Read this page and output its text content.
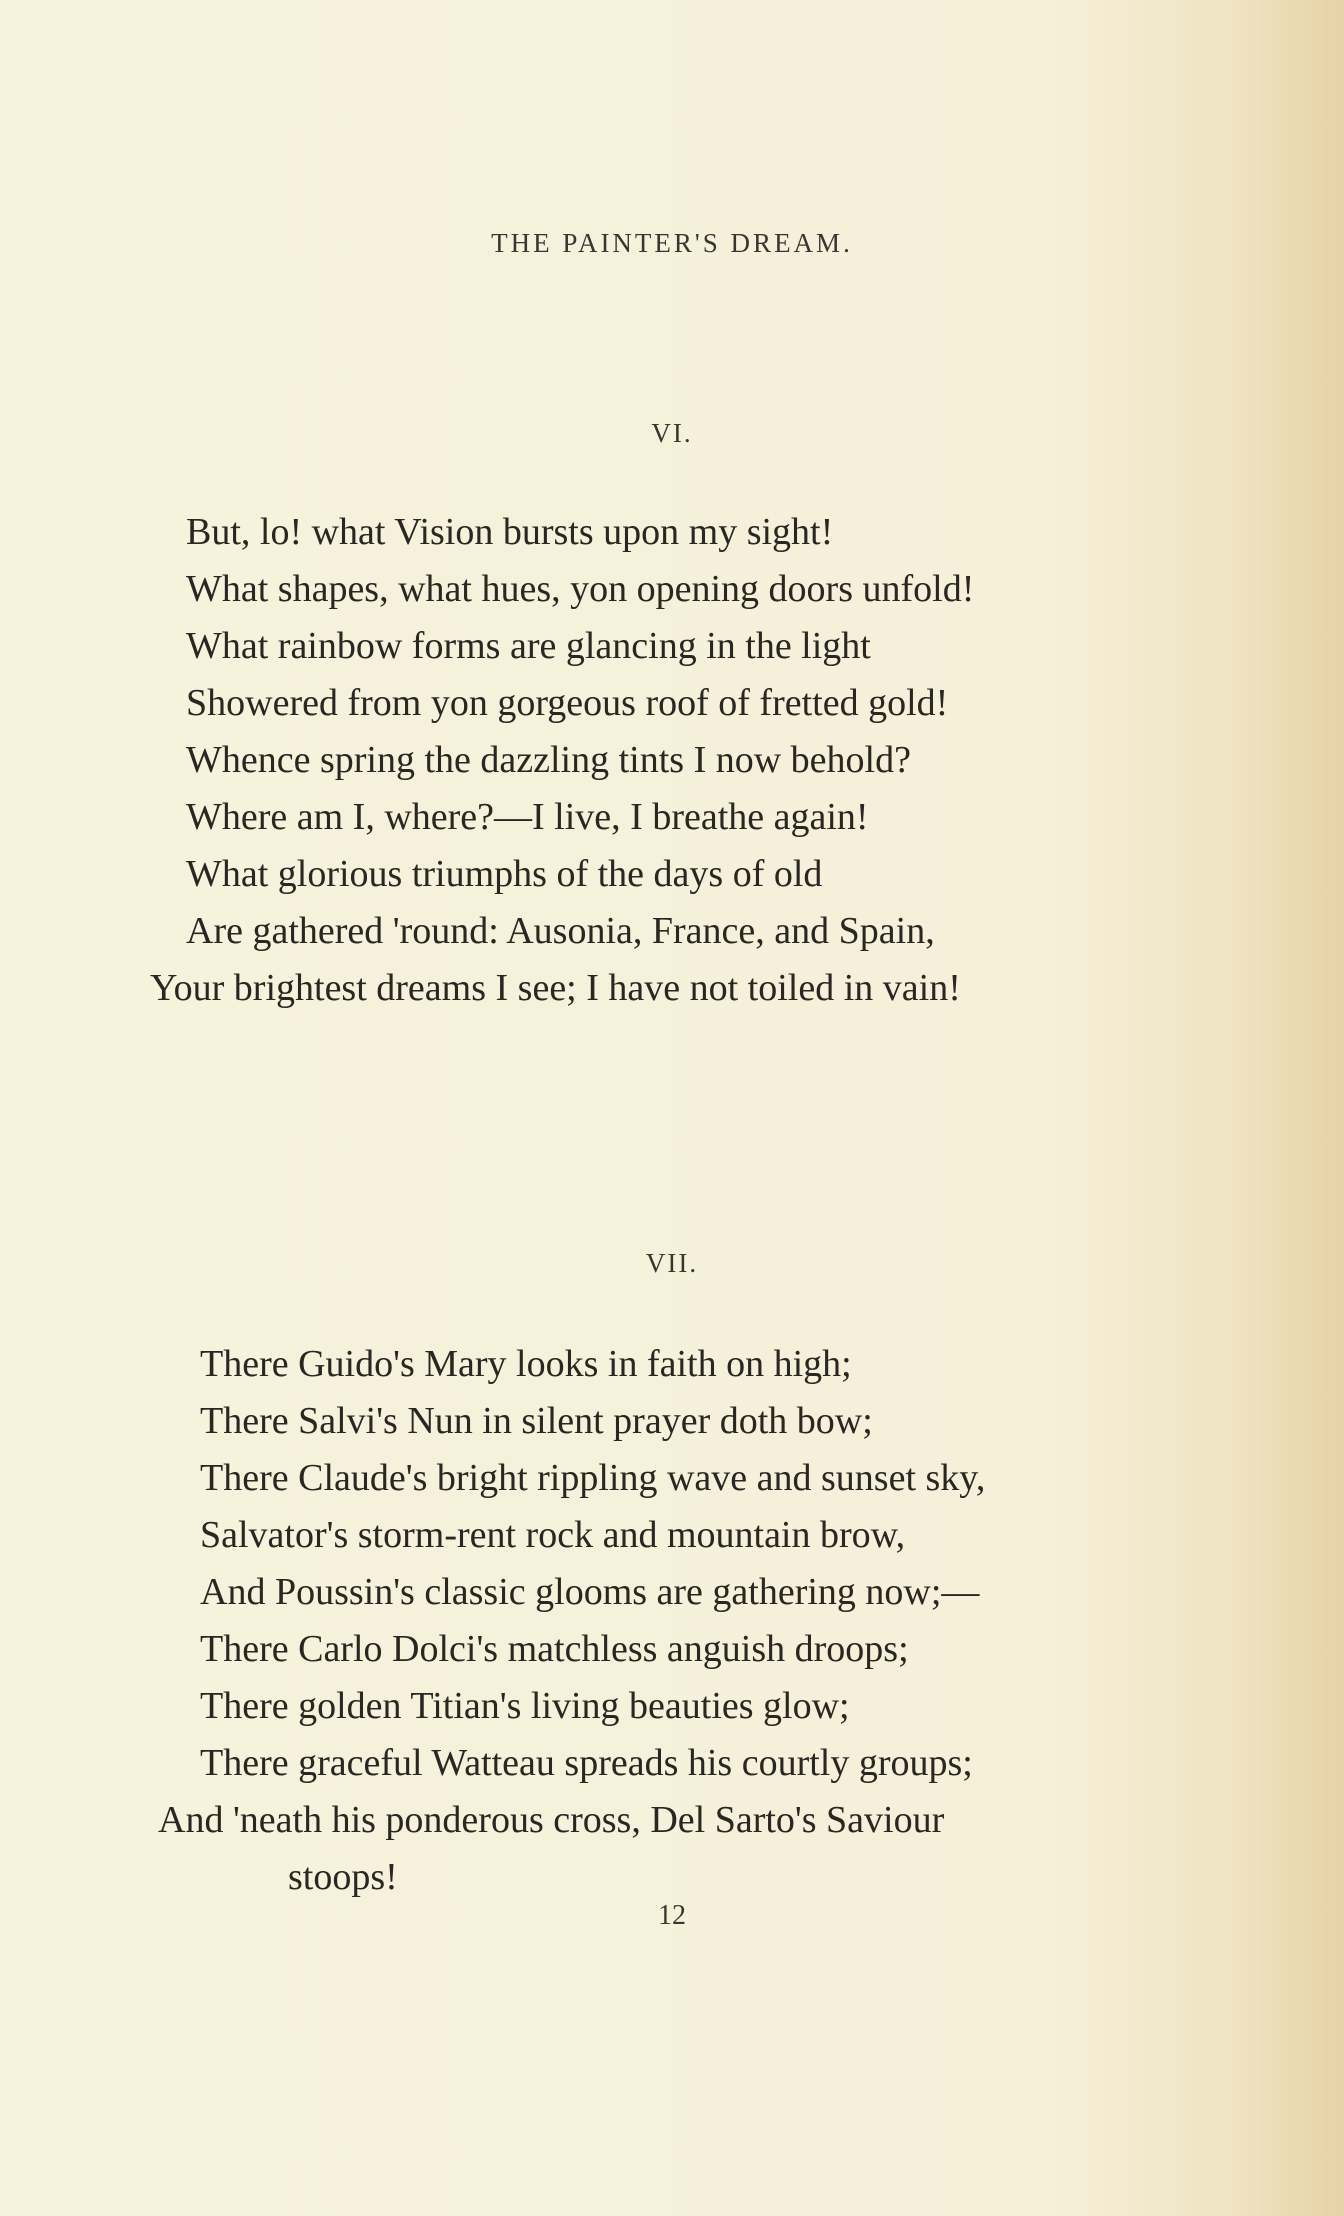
THE PAINTER'S DREAM.
VI.
But, lo! what Vision bursts upon my sight!
What shapes, what hues, yon opening doors unfold!
What rainbow forms are glancing in the light
Showered from yon gorgeous roof of fretted gold!
Whence spring the dazzling tints I now behold?
Where am I, where?—I live, I breathe again!
What glorious triumphs of the days of old
Are gathered 'round: Ausonia, France, and Spain,
Your brightest dreams I see; I have not toiled in vain!
VII.
There Guido's Mary looks in faith on high;
There Salvi's Nun in silent prayer doth bow;
There Claude's bright rippling wave and sunset sky,
Salvator's storm-rent rock and mountain brow,
And Poussin's classic glooms are gathering now;—
There Carlo Dolci's matchless anguish droops;
There golden Titian's living beauties glow;
There graceful Watteau spreads his courtly groups;
And 'neath his ponderous cross, Del Sarto's Saviour
stoops!
12
